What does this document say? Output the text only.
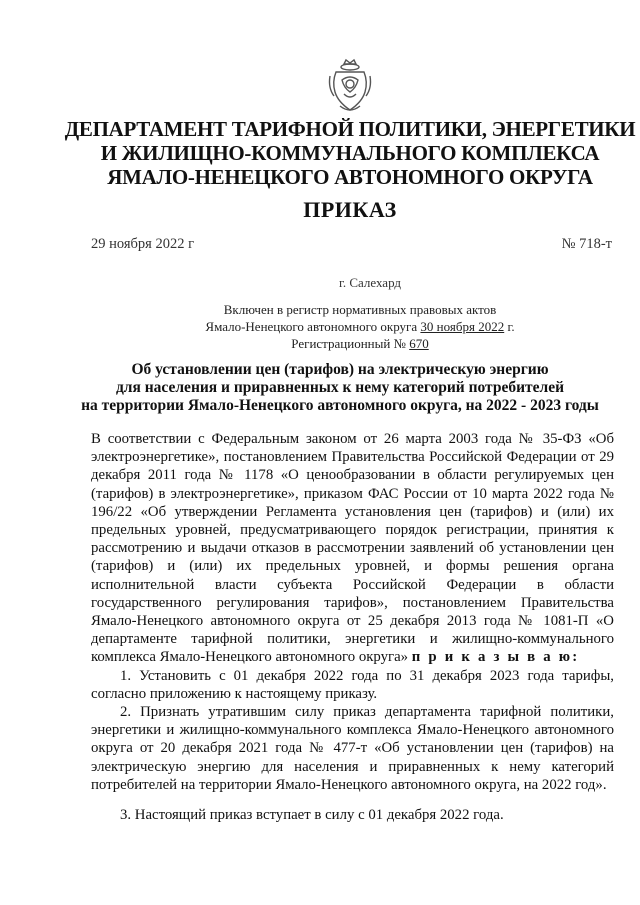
ДЕПАРТАМЕНТ ТАРИФНОЙ ПОЛИТИКИ, ЭНЕРГЕТИКИ
И ЖИЛИЩНО-КОММУНАЛЬНОГО КОМПЛЕКСА
ЯМАЛО-НЕНЕЦКОГО АВТОНОМНОГО ОКРУГА
ПРИКАЗ
29 ноября 2022 г	№ 718-т
г. Салехард
Включен в регистр нормативных правовых актов
Ямало-Ненецкого автономного округа 30 ноября 2022 г.
Регистрационный № 670
Об установлении цен (тарифов) на электрическую энергию
для населения и приравненных к нему категорий потребителей
на территории Ямало-Ненецкого автономного округа, на 2022 - 2023 годы
В соответствии с Федеральным законом от 26 марта 2003 года № 35-ФЗ «Об электроэнергетике», постановлением Правительства Российской Федерации от 29 декабря 2011 года № 1178 «О ценообразовании в области регулируемых цен (тарифов) в электроэнергетике», приказом ФАС России от 10 марта 2022 года № 196/22 «Об утверждении Регламента установления цен (тарифов) и (или) их предельных уровней, предусматривающего порядок регистрации, принятия к рассмотрению и выдачи отказов в рассмотрении заявлений об установлении цен (тарифов) и (или) их предельных уровней, и формы решения органа исполнительной власти субъекта Российской Федерации в области государственного регулирования тарифов», постановлением Правительства Ямало-Ненецкого автономного округа от 25 декабря 2013 года № 1081-П «О департаменте тарифной политики, энергетики и жилищно-коммунального комплекса Ямало-Ненецкого автономного округа» п р и к а з ы в а ю:
1. Установить с 01 декабря 2022 года по 31 декабря 2023 года тарифы, согласно приложению к настоящему приказу.
2. Признать утратившим силу приказ департамента тарифной политики, энергетики и жилищно-коммунального комплекса Ямало-Ненецкого автономного округа от 20 декабря 2021 года № 477-т «Об установлении цен (тарифов) на электрическую энергию для населения и приравненных к нему категорий потребителей на территории Ямало-Ненецкого автономного округа, на 2022 год».
3. Настоящий приказ вступает в силу с 01 декабря 2022 года.
